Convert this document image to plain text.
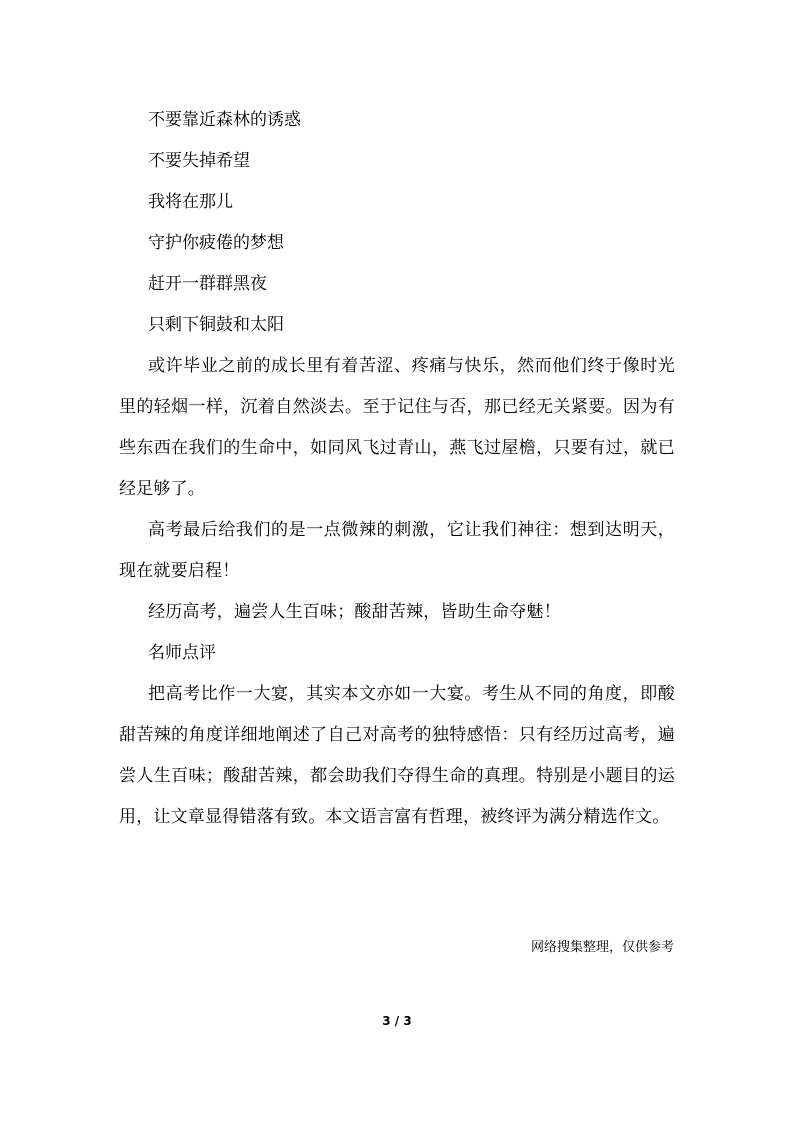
不要靠近森林的诱惑

不要失掉希望

我将在那儿

守护你疲倦的梦想

赶开一群群黑夜

只剩下铜鼓和太阳

或许毕业之前的成长里有着苦涩、疼痛与快乐，然而他们终于像时光里的轻烟一样，沉着自然淡去。至于记住与否，那已经无关紧要。因为有些东西在我们的生命中，如同风飞过青山，燕飞过屋檐，只要有过，就已经足够了。

高考最后给我们的是一点微辣的刺激，它让我们神往：想到达明天，现在就要启程！

经历高考，遍尝人生百味；酸甜苦辣，皆助生命夺魅！

名师点评

把高考比作一大宴，其实本文亦如一大宴。考生从不同的角度，即酸甜苦辣的角度详细地阐述了自己对高考的独特感悟：只有经历过高考，遍尝人生百味；酸甜苦辣，都会助我们夺得生命的真理。特别是小题目的运用，让文章显得错落有致。本文语言富有哲理，被终评为满分精选作文。

网络搜集整理，仅供参考
3 / 3
